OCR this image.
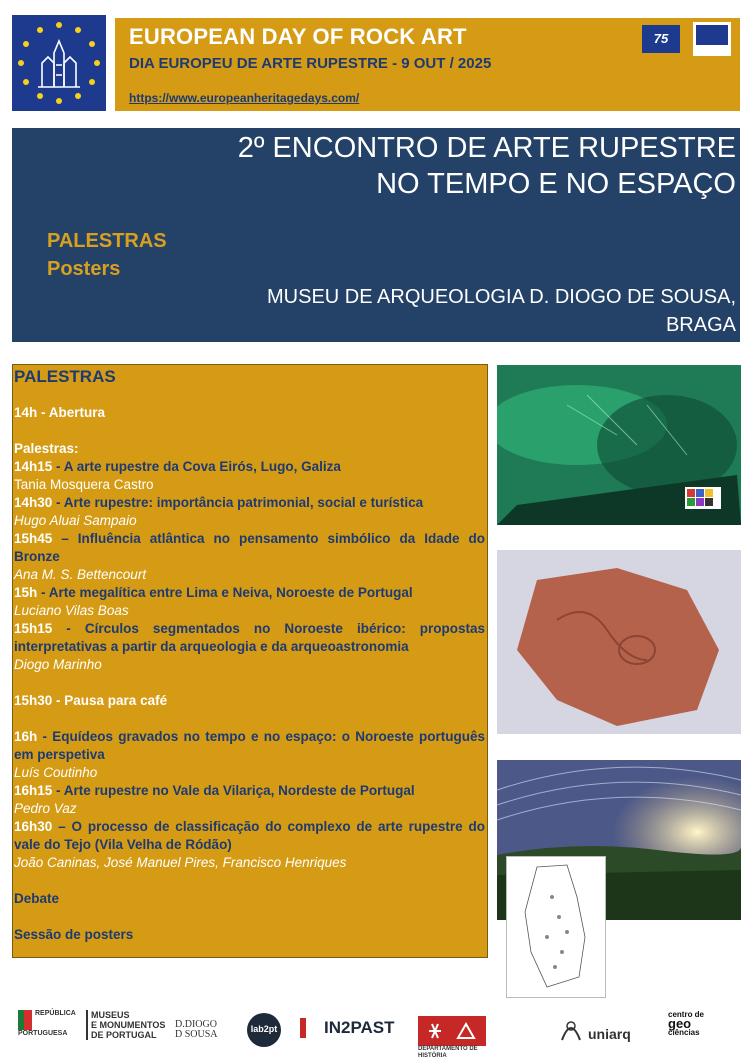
EUROPEAN DAY OF ROCK ART
DIA EUROPEU DE ARTE RUPESTRE - 9 OUT / 2025
https://www.europeanheritagedays.com/
75
2º ENCONTRO DE ARTE RUPESTRE
NO TEMPO E NO ESPAÇO
PALESTRAS
Posters
MUSEU DE ARQUEOLOGIA D. DIOGO DE SOUSA,
BRAGA
PALESTRAS
14h - Abertura
Palestras:
14h15 - A arte rupestre da Cova Eirós, Lugo, Galiza
Tania Mosquera Castro
14h30 - Arte rupestre: importância patrimonial, social e turística
Hugo Aluai Sampaio
15h45 – Influência atlântica no pensamento simbólico da Idade do Bronze
Ana M. S. Bettencourt
15h - Arte megalítica entre Lima e Neiva, Noroeste de Portugal
Luciano Vilas Boas
15h15 - Círculos segmentados no Noroeste ibérico: propostas interpretativas a partir da arqueologia e da arqueoastronomia
Diogo Marinho
15h30 - Pausa para café
16h - Equídeos gravados no tempo e no espaço: o Noroeste português em perspetiva
Luís Coutinho
16h15 - Arte rupestre no Vale da Vilariça, Nordeste de Portugal
Pedro Vaz
16h30 – O processo de classificação do complexo de arte rupestre do vale do Tejo (Vila Velha de Ródão)
João Caninas, José Manuel Pires, Francisco Henriques
Debate
Sessão de posters
REPÚBLICA
PORTUGUESA
MUSEUS
E MONUMENTOS
DE PORTUGAL
D.DIOGO
D SOUSA	lab2pt	IN2PAST
DEPARTAMENTO DE
HISTÓRIA
uniarq
centro de
geo
ciências
